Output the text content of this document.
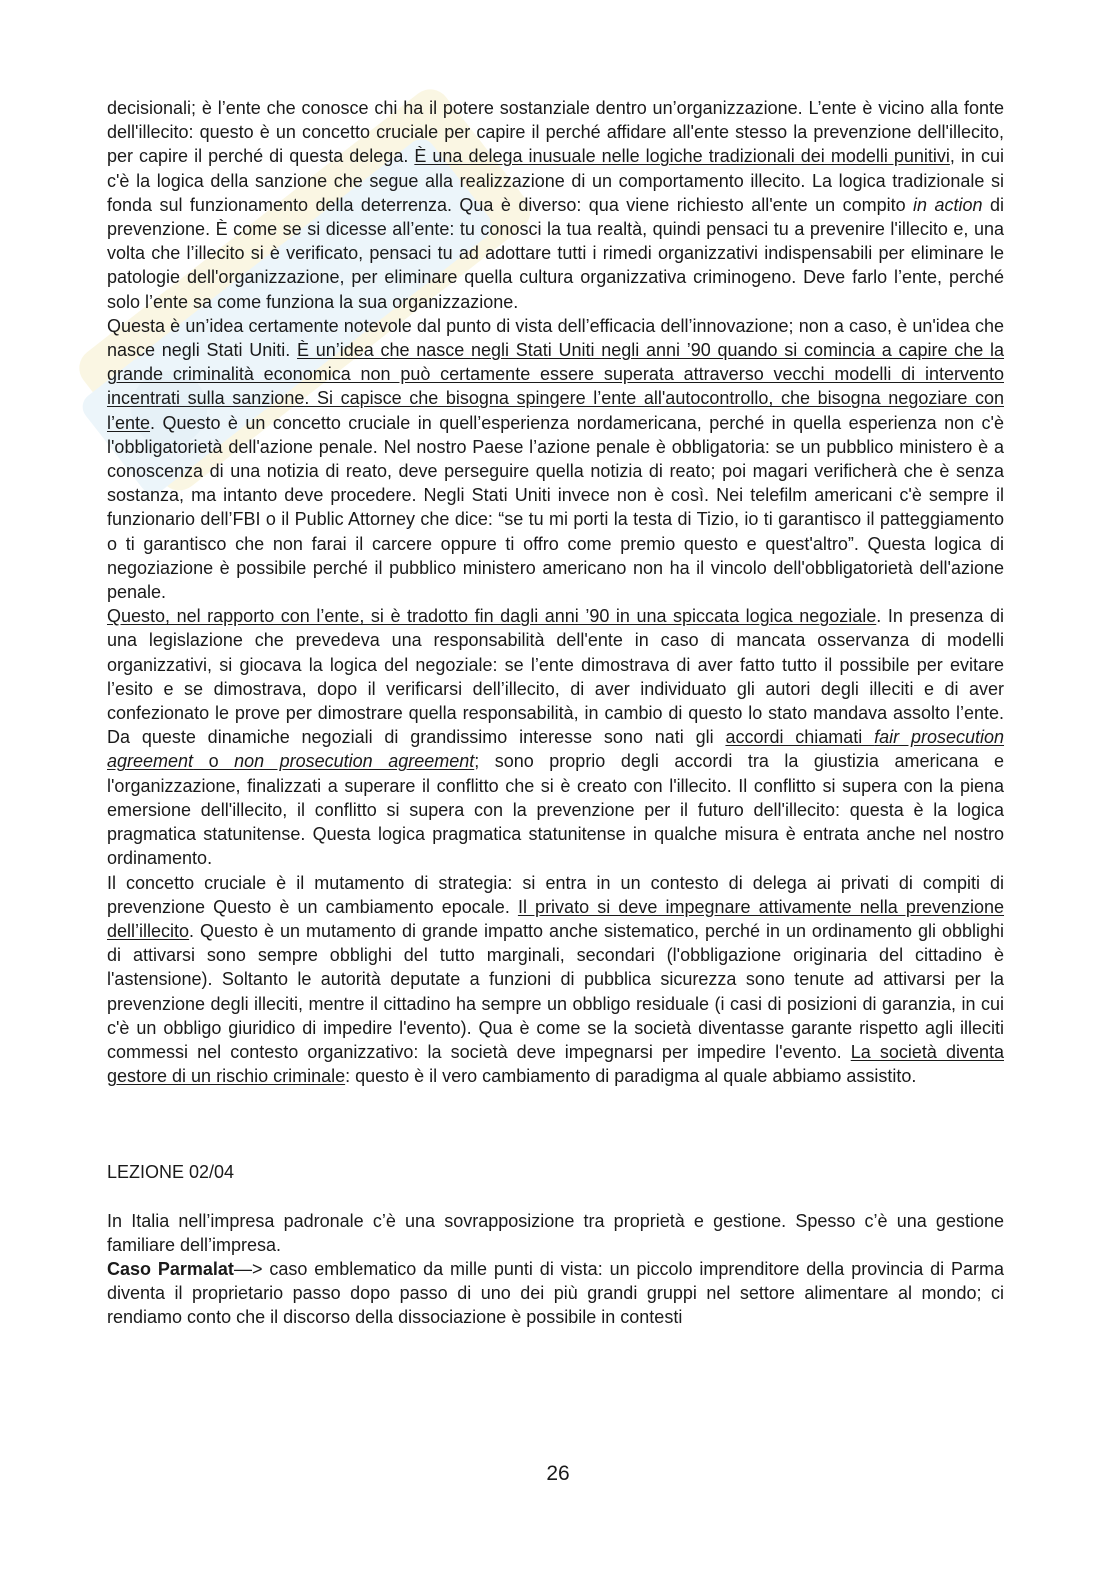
decisionali; è l’ente che conosce chi ha il potere sostanziale dentro un’organizzazione. L’ente è vicino alla fonte dell'illecito: questo è un concetto cruciale per capire il perché affidare all'ente stesso la prevenzione dell'illecito, per capire il perché di questa delega. È una delega inusuale nelle logiche tradizionali dei modelli punitivi, in cui c'è la logica della sanzione che segue alla realizzazione di un comportamento illecito. La logica tradizionale si fonda sul funzionamento della deterrenza. Qua è diverso: qua viene richiesto all'ente un compito in action di prevenzione. È come se si dicesse all’ente: tu conosci la tua realtà, quindi pensaci tu a prevenire l'illecito e, una volta che l’illecito si è verificato, pensaci tu ad adottare tutti i rimedi organizzativi indispensabili per eliminare le patologie dell'organizzazione, per eliminare quella cultura organizzativa criminogeno. Deve farlo l’ente, perché solo l’ente sa come funziona la sua organizzazione.

Questa è un’idea certamente notevole dal punto di vista dell’efficacia dell’innovazione; non a caso, è un'idea che nasce negli Stati Uniti. È un’idea che nasce negli Stati Uniti negli anni ’90 quando si comincia a capire che la grande criminalità economica non può certamente essere superata attraverso vecchi modelli di intervento incentrati sulla sanzione. Si capisce che bisogna spingere l’ente all'autocontrollo, che bisogna negoziare con l’ente. Questo è un concetto cruciale in quell’esperienza nordamericana, perché in quella esperienza non c'è l'obbligatorietà dell'azione penale. Nel nostro Paese l’azione penale è obbligatoria: se un pubblico ministero è a conoscenza di una notizia di reato, deve perseguire quella notizia di reato; poi magari verificherà che è senza sostanza, ma intanto deve procedere. Negli Stati Uniti invece non è così. Nei telefilm americani c'è sempre il funzionario dell’FBI o il Public Attorney che dice: “se tu mi porti la testa di Tizio, io ti garantisco il patteggiamento o ti garantisco che non farai il carcere oppure ti offro come premio questo e quest'altro”. Questa logica di negoziazione è possibile perché il pubblico ministero americano non ha il vincolo dell'obbligatorietà dell'azione penale.

Questo, nel rapporto con l’ente, si è tradotto fin dagli anni ’90 in una spiccata logica negoziale. In presenza di una legislazione che prevedeva una responsabilità dell'ente in caso di mancata osservanza di modelli organizzativi, si giocava la logica del negoziale: se l’ente dimostrava di aver fatto tutto il possibile per evitare l’esito e se dimostrava, dopo il verificarsi dell’illecito, di aver individuato gli autori degli illeciti e di aver confezionato le prove per dimostrare quella responsabilità, in cambio di questo lo stato mandava assolto l’ente. Da queste dinamiche negoziali di grandissimo interesse sono nati gli accordi chiamati fair prosecution agreement o non prosecution agreement; sono proprio degli accordi tra la giustizia americana e l'organizzazione, finalizzati a superare il conflitto che si è creato con l'illecito. Il conflitto si supera con la piena emersione dell'illecito, il conflitto si supera con la prevenzione per il futuro dell'illecito: questa è la logica pragmatica statunitense. Questa logica pragmatica statunitense in qualche misura è entrata anche nel nostro ordinamento.

Il concetto cruciale è il mutamento di strategia: si entra in un contesto di delega ai privati di compiti di prevenzione Questo è un cambiamento epocale. Il privato si deve impegnare attivamente nella prevenzione dell’illecito. Questo è un mutamento di grande impatto anche sistematico, perché in un ordinamento gli obblighi di attivarsi sono sempre obblighi del tutto marginali, secondari (l'obbligazione originaria del cittadino è l'astensione). Soltanto le autorità deputate a funzioni di pubblica sicurezza sono tenute ad attivarsi per la prevenzione degli illeciti, mentre il cittadino ha sempre un obbligo residuale (i casi di posizioni di garanzia, in cui c'è un obbligo giuridico di impedire l'evento). Qua è come se la società diventasse garante rispetto agli illeciti commessi nel contesto organizzativo: la società deve impegnarsi per impedire l'evento. La società diventa gestore di un rischio criminale: questo è il vero cambiamento di paradigma al quale abbiamo assistito.

LEZIONE 02/04

In Italia nell’impresa padronale c’è una sovrapposizione tra proprietà e gestione. Spesso c’è una gestione familiare dell’impresa.

Caso Parmalat—> caso emblematico da mille punti di vista: un piccolo imprenditore della provincia di Parma diventa il proprietario passo dopo passo di uno dei più grandi gruppi nel settore alimentare al mondo; ci rendiamo conto che il discorso della dissociazione è possibile in contesti

26
